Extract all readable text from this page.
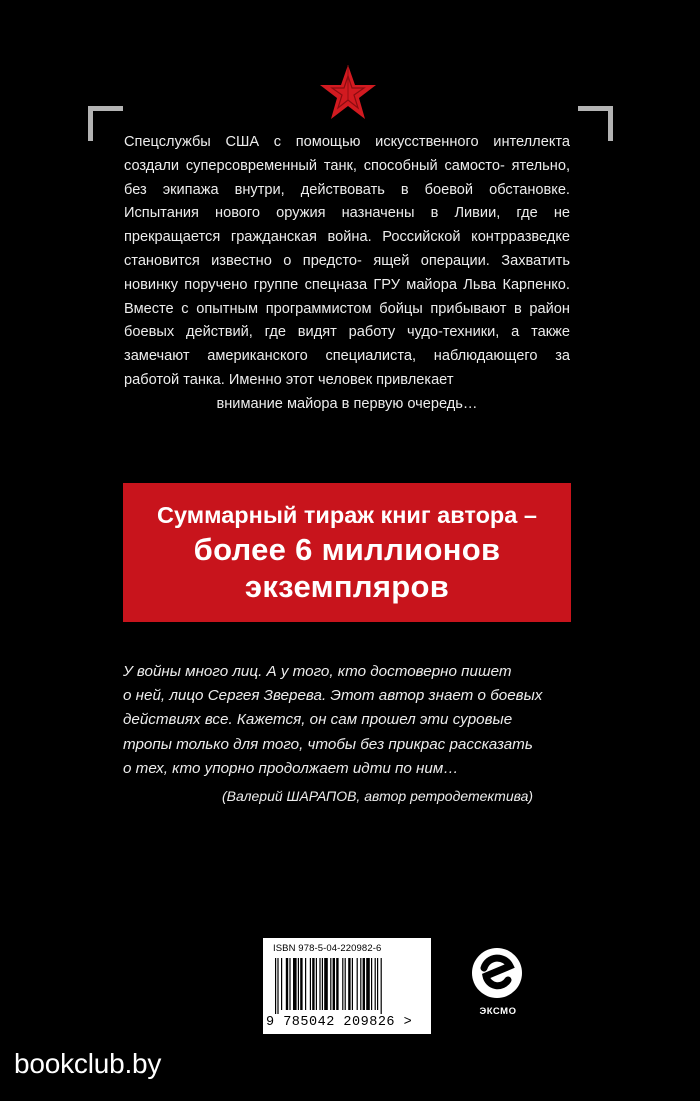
Спецслужбы США с помощью искусственного интеллекта создали суперсовременный танк, способный самосто- ятельно, без экипажа внутри, действовать в боевой обстановке. Испытания нового оружия назначены в Ливии, где не прекращается гражданская война. Российской контрразведке становится известно о предсто- ящей операции. Захватить новинку поручено группе спецназа ГРУ майора Льва Карпенко. Вместе с опытным программистом бойцы прибывают в район боевых действий, где видят работу чудо-техники, а также замечают американского специалиста, наблюдающего за работой танка. Именно этот человек привлекает
внимание майора в первую очередь…
Суммарный тираж книг автора –
более 6 миллионов
экземпляров
У войны много лиц. А у того, кто достоверно пишет
о ней, лицо Сергея Зверева. Этот автор знает о боевых
действиях все. Кажется, он сам прошел эти суровые
тропы только для того, чтобы без прикрас рассказать
о тех, кто упорно продолжает идти по ним…
(Валерий ШАРАПОВ, автор ретродетектива)
ISBN 978-5-04-220982-6
9 785042 209826 >
ЭКСМО
bookclub.by
